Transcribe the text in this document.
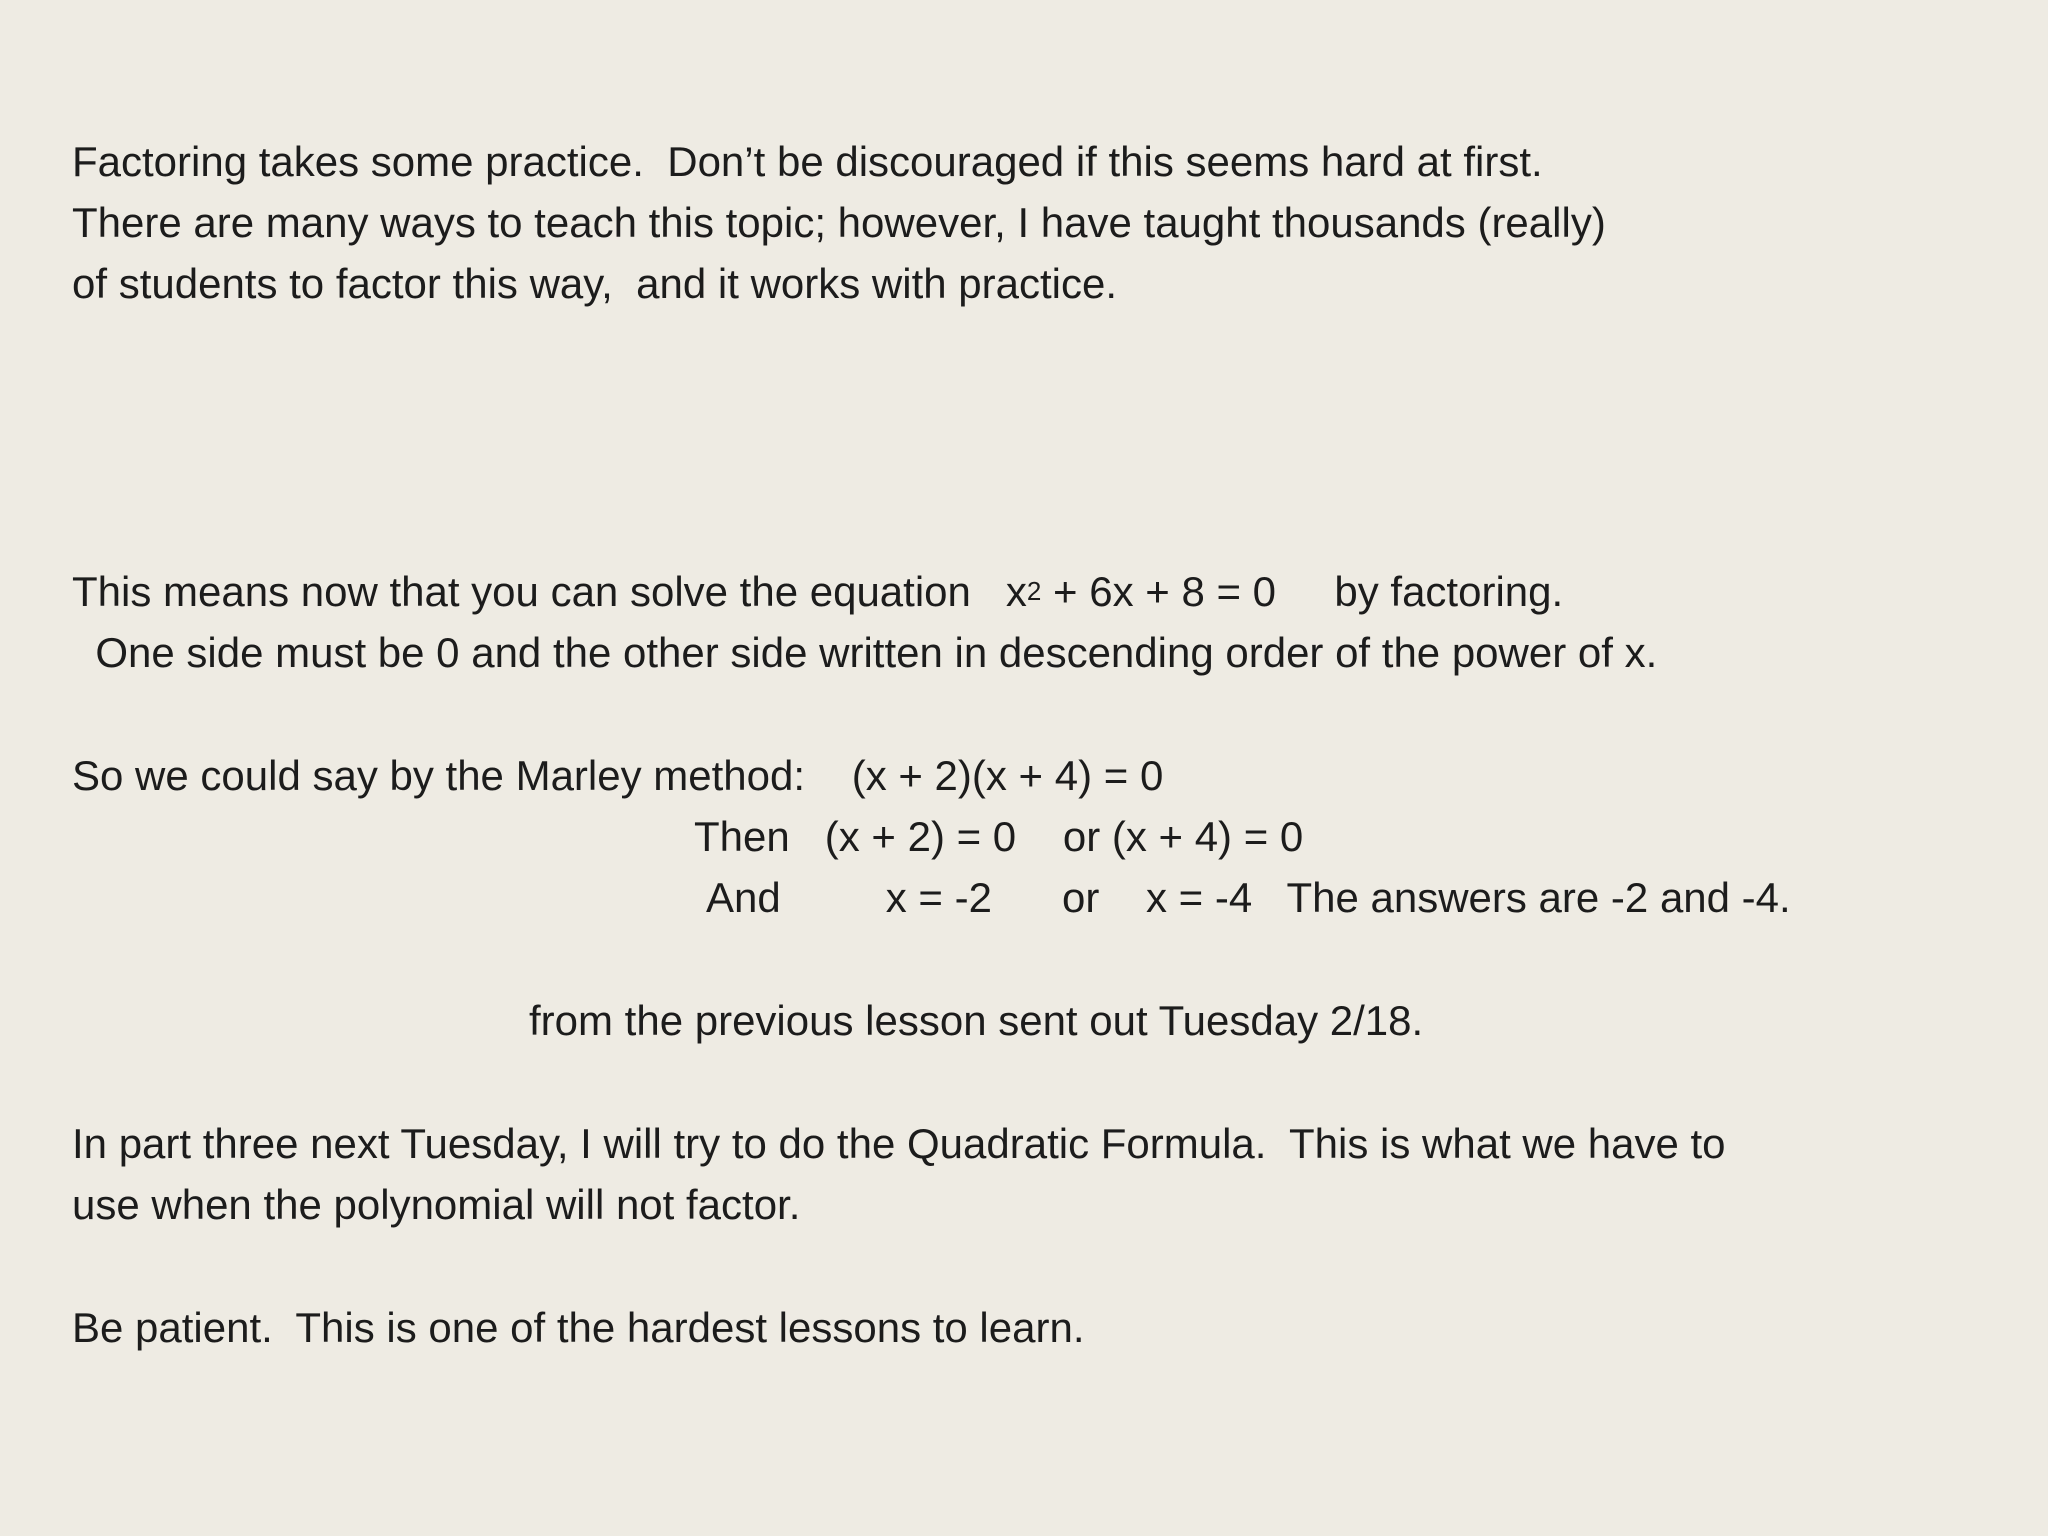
Factoring takes some practice.  Don’t be discouraged if this seems hard at first.

There are many ways to teach this topic; however, I have taught thousands (really)

of students to factor this way,  and it works with practice.

This means now that you can solve the equation   $x^2 + 6x + 8 = 0$     by factoring.

One side must be 0 and the other side written in descending order of the power of x.

So we could say by the Marley method:    (x + 2)(x + 4) = 0

Then   (x + 2) = 0    or (x + 4) = 0

And         x = -2      or    x = -4   The answers are -2 and -4.

from the previous lesson sent out Tuesday 2/18.

In part three next Tuesday, I will try to do the Quadratic Formula.  This is what we have to

use when the polynomial will not factor.

Be patient.  This is one of the hardest lessons to learn.
